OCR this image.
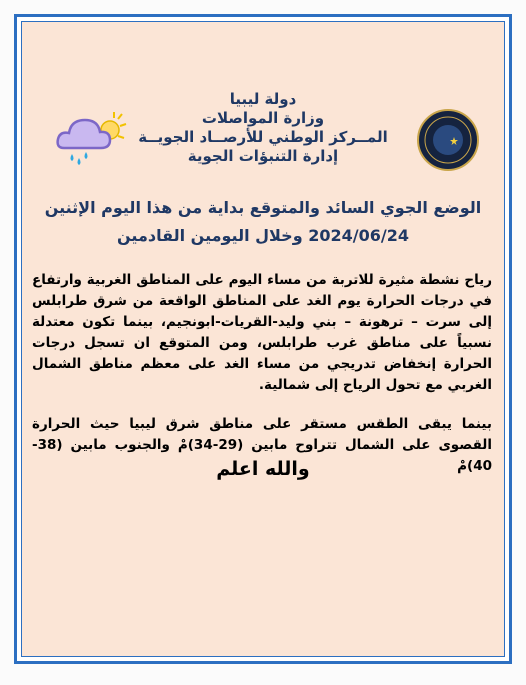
دولة ليبيا
وزارة المواصلات
المــركز الوطني للأرصــاد الجويــة
إدارة التنبؤات الجوية
الوضع الجوي السائد والمتوقع بداية من هذا اليوم الإثنين
2024/06/24 وخلال اليومين القادمين

رياح نشطة مثيرة للاتربة من مساء اليوم على المناطق الغربية وارتفاع في درجات الحرارة يوم الغد على المناطق الواقعة من شرق طرابلس إلى سرت – ترهونة – بني وليد-القريات-ابونجيم، بينما تكون معتدلة نسبياً على مناطق غرب طرابلس، ومن المتوقع ان تسجل درجات الحرارة إنخفاض تدريجي من مساء الغد على معظم مناطق الشمال الغربي مع تحول الرياح إلى شمالية.

بينما يبقى الطقس مستقر على مناطق شرق ليبيا حيث الحرارة القصوى على الشمال تتراوح مابين (29-34)مْ والجنوب مابين (38-40)مْ

والله اعلم
